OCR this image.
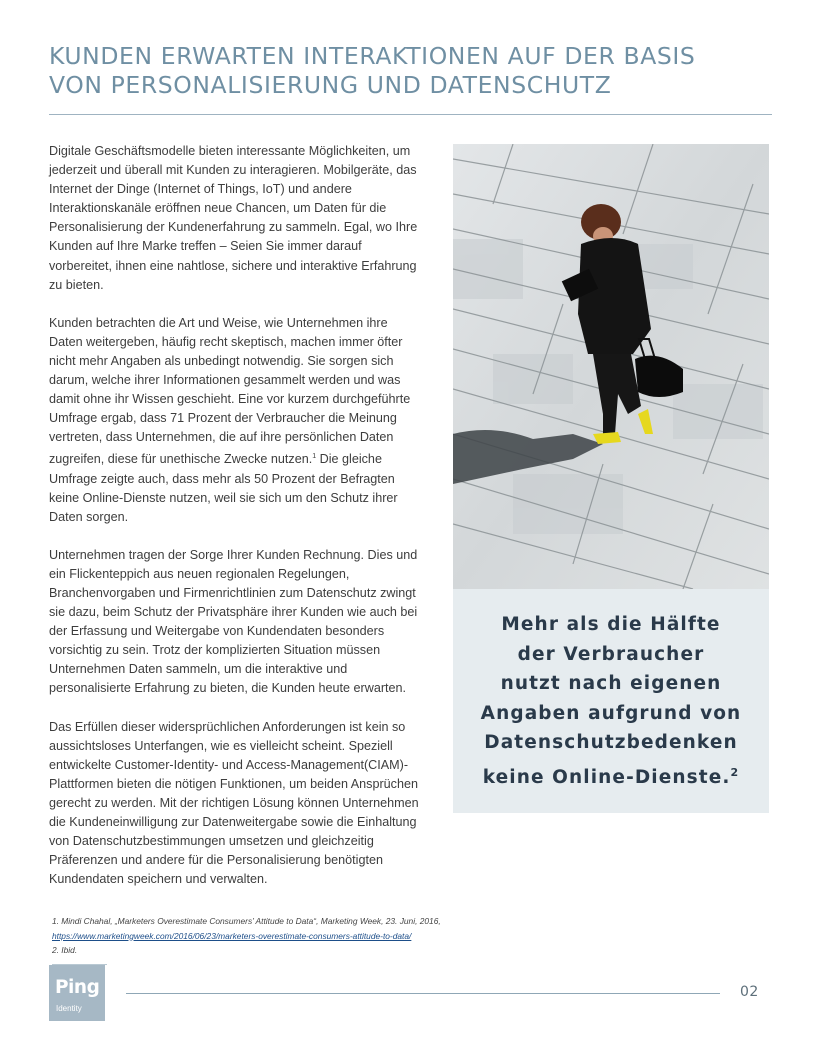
KUNDEN ERWARTEN INTERAKTIONEN AUF DER BASIS
VON PERSONALISIERUNG UND DATENSCHUTZ

Digitale Geschäftsmodelle bieten interessante Möglichkeiten, um jederzeit und überall mit Kunden zu interagieren. Mobilgeräte, das Internet der Dinge (Internet of Things, IoT) und andere Interaktionskanäle eröffnen neue Chancen, um Daten für die Personalisierung der Kundenerfahrung zu sammeln. Egal, wo Ihre Kunden auf Ihre Marke treffen – Seien Sie immer darauf vorbereitet, ihnen eine nahtlose, sichere und interaktive Erfahrung zu bieten.

Kunden betrachten die Art und Weise, wie Unternehmen ihre Daten weitergeben, häufig recht skeptisch, machen immer öfter nicht mehr Angaben als unbedingt notwendig. Sie sorgen sich darum, welche ihrer Informationen gesammelt werden und was damit ohne ihr Wissen geschieht. Eine vor kurzem durchgeführte Umfrage ergab, dass 71 Prozent der Verbraucher die Meinung vertreten, dass Unternehmen, die auf ihre persönlichen Daten zugreifen, diese für unethische Zwecke nutzen.$^1$ Die gleiche Umfrage zeigte auch, dass mehr als 50 Prozent der Befragten keine Online-Dienste nutzen, weil sie sich um den Schutz ihrer Daten sorgen.

Unternehmen tragen der Sorge Ihrer Kunden Rechnung. Dies und ein Flickenteppich aus neuen regionalen Regelungen, Branchenvorgaben und Firmenrichtlinien zum Datenschutz zwingt sie dazu, beim Schutz der Privatsphäre ihrer Kunden wie auch bei der Erfassung und Weitergabe von Kundendaten besonders vorsichtig zu sein. Trotz der komplizierten Situation müssen Unternehmen Daten sammeln, um die interaktive und personalisierte Erfahrung zu bieten, die Kunden heute erwarten.

Das Erfüllen dieser widersprüchlichen Anforderungen ist kein so aussichtsloses Unterfangen, wie es vielleicht scheint. Speziell entwickelte Customer-Identity- und Access-Management(CIAM)-Plattformen bieten die nötigen Funktionen, um beiden Ansprüchen gerecht zu werden. Mit der richtigen Lösung können Unternehmen die Kundeneinwilligung zur Datenweitergabe sowie die Einhaltung von Datenschutzbestimmungen umsetzen und gleichzeitig Präferenzen und andere für die Personalisierung benötigten Kundendaten speichern und verwalten.

Mehr als die Hälfte
der Verbraucher
nutzt nach eigenen
Angaben aufgrund von
Datenschutzbedenken
keine Online-Dienste.$^2$

1. Mindi Chahal, „Marketers Overestimate Consumers’ Attitude to Data“, Marketing Week, 23. Juni, 2016,
https://www.marketingweek.com/2016/06/23/marketers-overestimate-consumers-attitude-to-data/
2. Ibid.
Ping
Identity
02
